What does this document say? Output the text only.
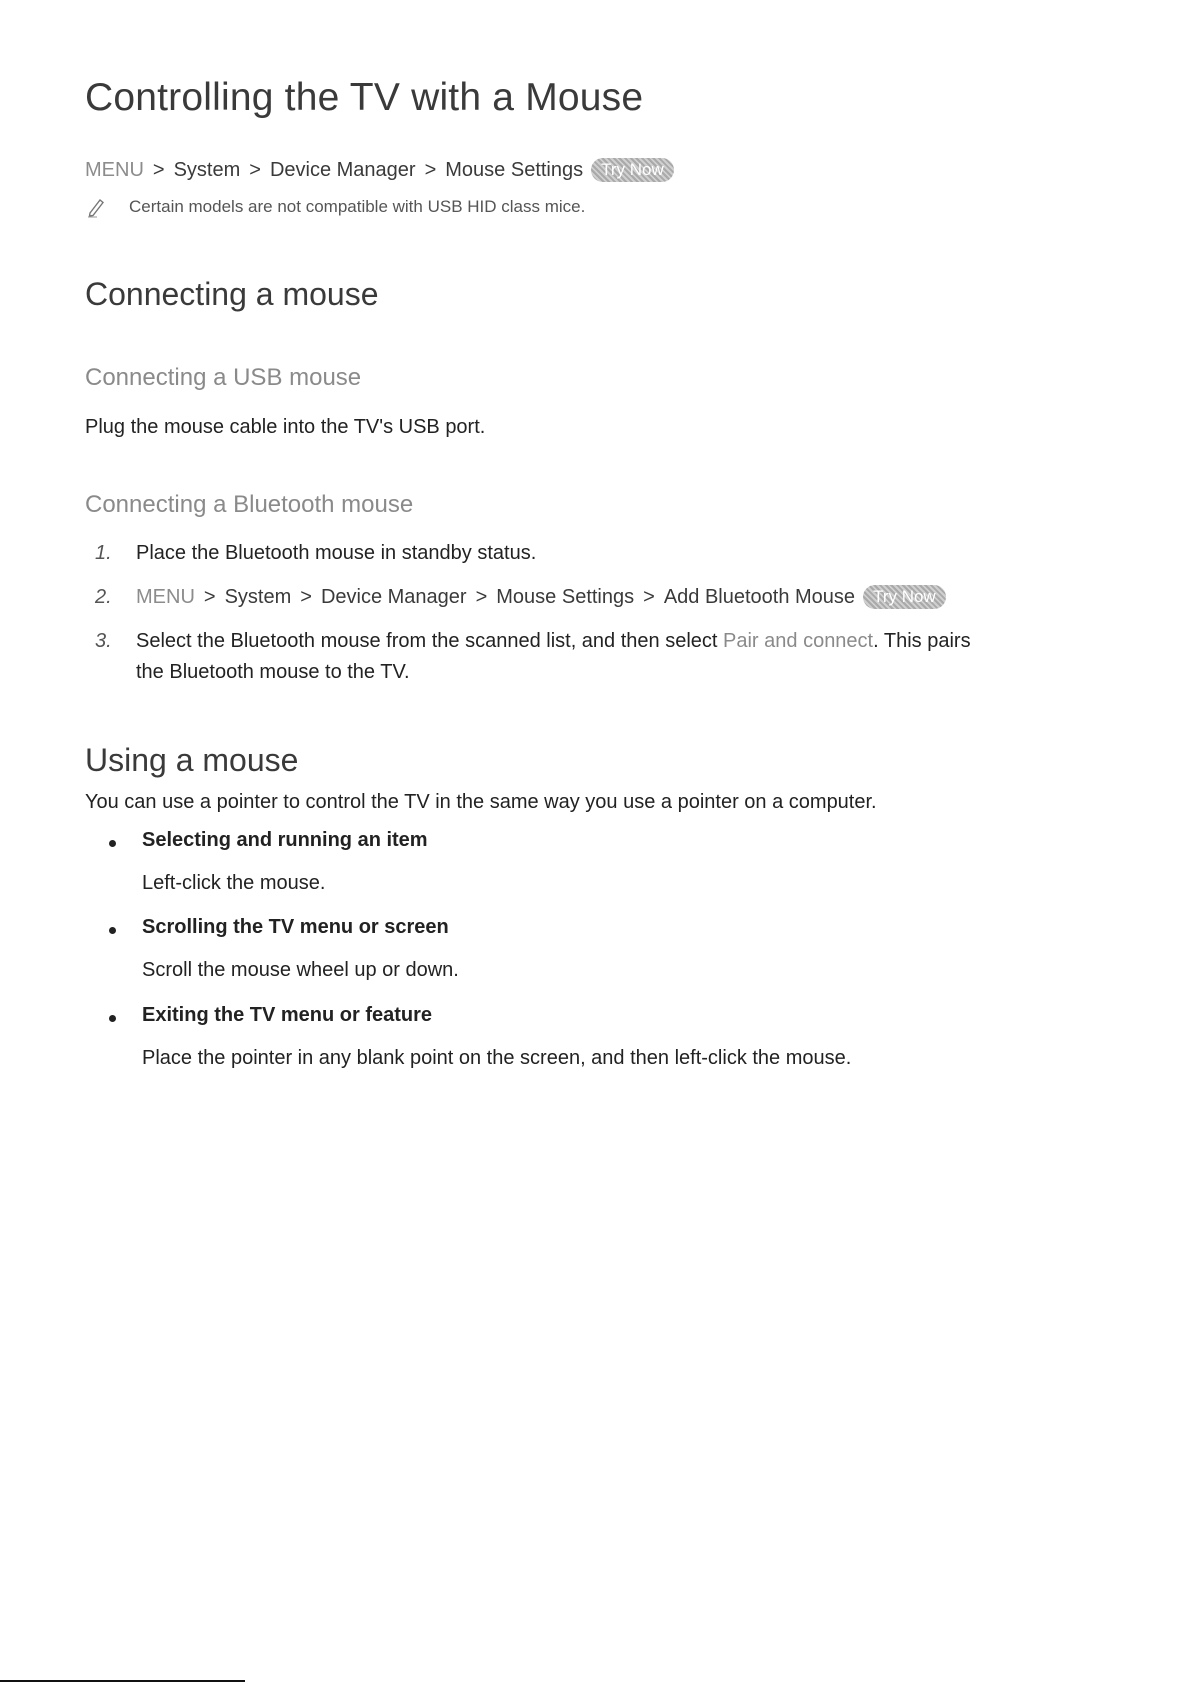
Controlling the TV with a Mouse
MENU > System > Device Manager > Mouse Settings	Try Now
Certain models are not compatible with USB HID class mice.
Connecting a mouse
Connecting a USB mouse
Plug the mouse cable into the TV's USB port.
Connecting a Bluetooth mouse
1. Place the Bluetooth mouse in standby status.
2. MENU > System > Device Manager > Mouse Settings > Add Bluetooth Mouse	Try Now
3. Select the Bluetooth mouse from the scanned list, and then select Pair and connect. This pairs
the Bluetooth mouse to the TV.
Using a mouse
You can use a pointer to control the TV in the same way you use a pointer on a computer.
Selecting and running an item
Left-click the mouse.
Scrolling the TV menu or screen
Scroll the mouse wheel up or down.
Exiting the TV menu or feature
Place the pointer in any blank point on the screen, and then left-click the mouse.
